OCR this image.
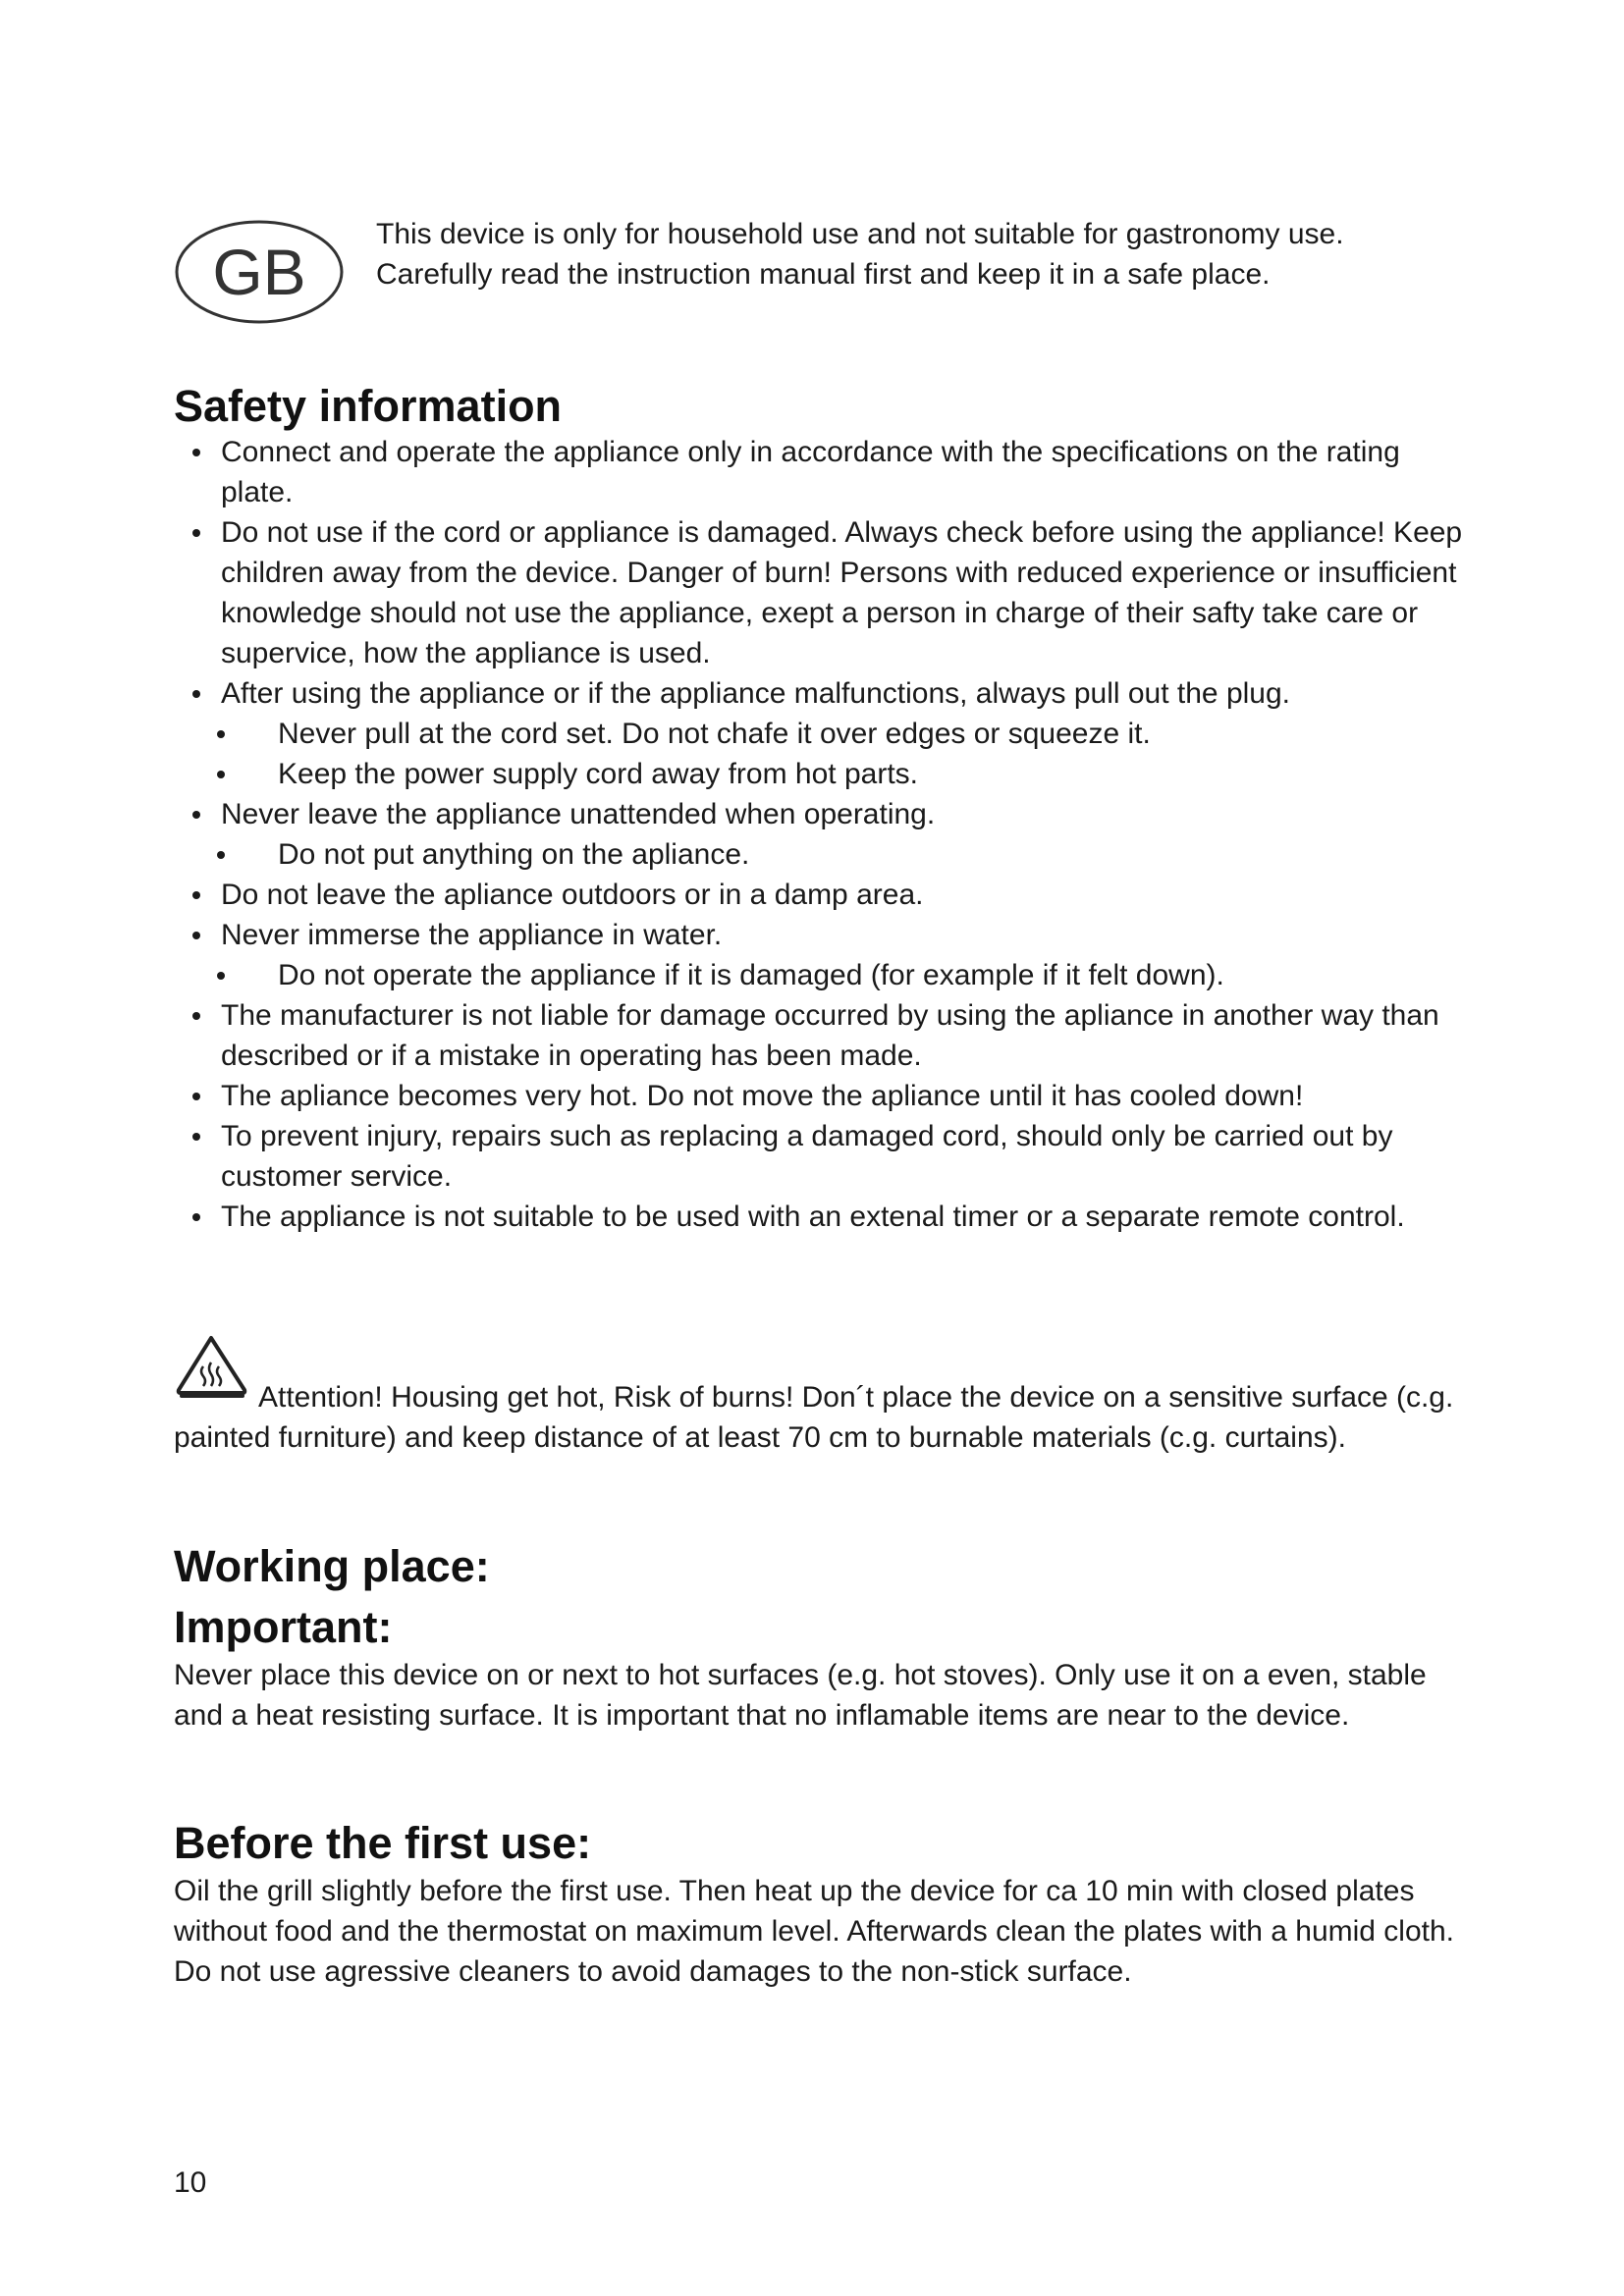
GB

This device is only for household use and not suitable for gastronomy use.

Carefully read the instruction manual first and keep it in a safe place.

Safety information
Connect and operate the appliance only in accordance with the specifications on the rating plate.
Do not use if the cord or appliance is damaged. Always check before using the appliance! Keep children away from the device. Danger of burn! Persons with reduced experience or insufficient knowledge should not use the appliance, exept a person in charge of their safty take care or supervice, how the appliance is used.
After using the appliance or if the appliance malfunctions, always pull out the plug.
Never pull at the cord set. Do not chafe it over edges or squeeze it.
Keep the power supply cord away from hot parts.
Never leave the appliance unattended when operating.
Do not put anything on the apliance.
Do not leave the apliance outdoors or in a damp area.
Never immerse the appliance in water.
Do not operate the appliance if it is damaged (for example if it felt down).
The manufacturer is not liable for damage occurred by using the apliance in another way than described or if a mistake in operating has been made.
The apliance becomes very hot. Do not move the apliance until it has cooled down!
To prevent injury, repairs such as replacing a damaged cord, should only be carried out by customer service.
The appliance is not suitable to be used with an extenal timer or a separate remote control.

Attention! Housing get hot, Risk of burns! Don´t place the device on a sensitive surface (c.g. painted furniture) and keep distance of at least 70 cm to burnable materials (c.g. curtains).

Working place:
Important:

Never place this device on or next to hot surfaces (e.g. hot stoves). Only use it on a even, stable and a heat resisting surface. It is important that no inflamable items are near to the device.

Before the first use:

Oil the grill slightly before the first use. Then heat up the device for ca 10 min with closed plates without food and the thermostat on maximum level. Afterwards clean the plates with a humid cloth. Do not use agressive cleaners to avoid damages to the non-stick surface.

10
